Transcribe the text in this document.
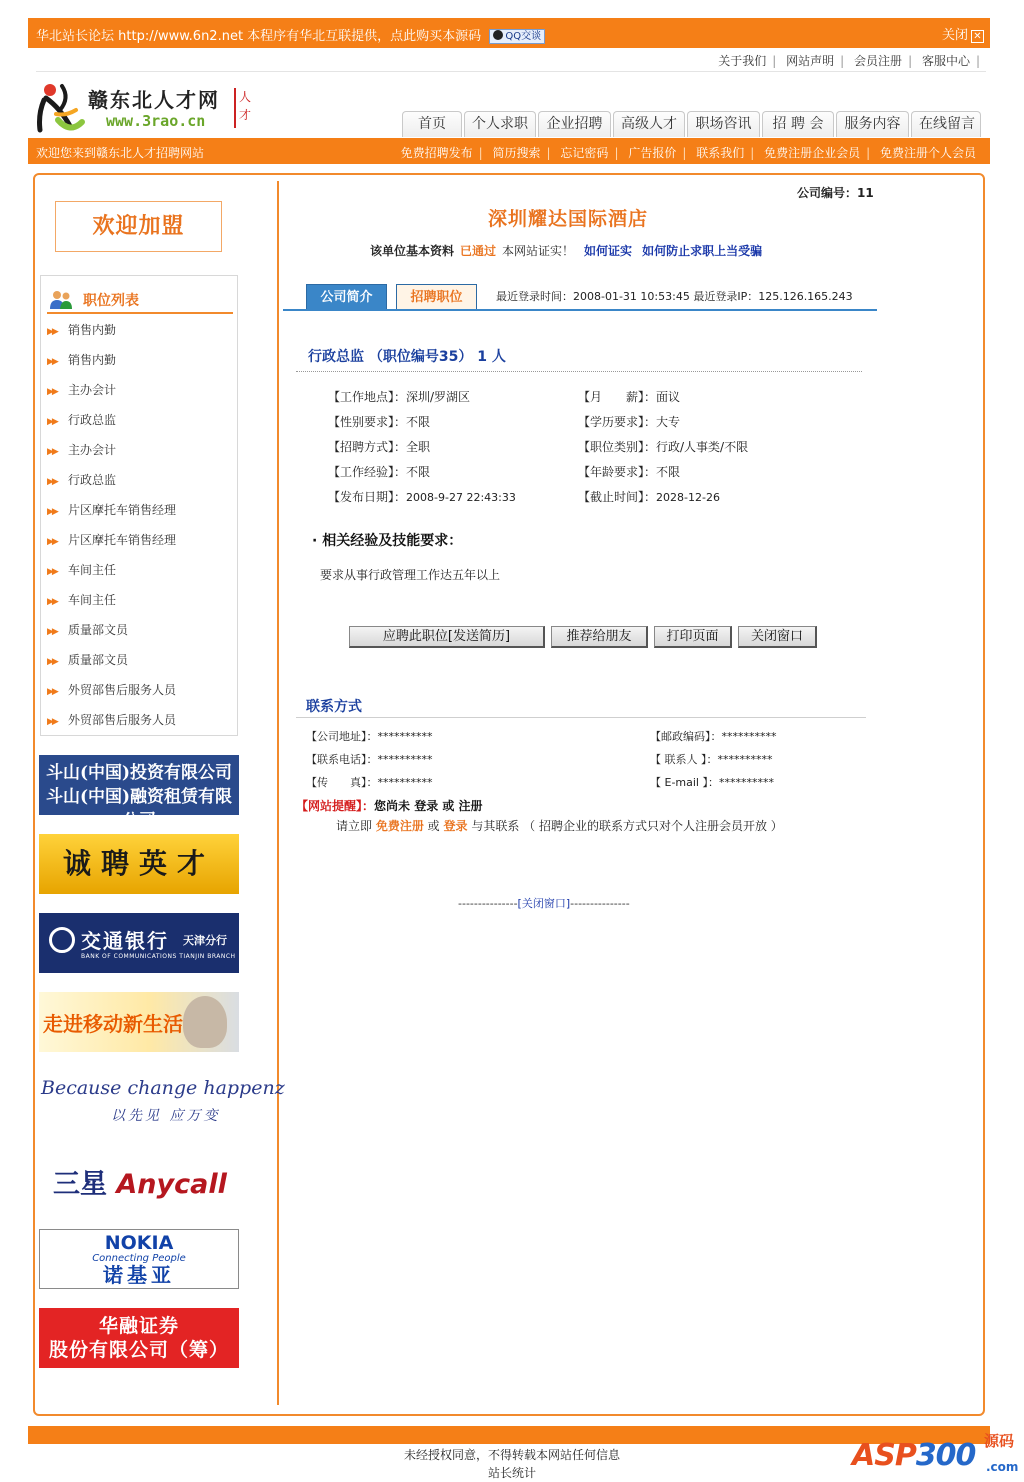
华北站长论坛 http://www.6n2.net 本程序有华北互联提供，点此购买本源码 QQ交谈	关闭 ✕
关于我们 | 网站声明 | 会员注册 | 客服中心 |
赣东北人才网
www.3rao.cn
人才
首页	个人求职	企业招聘	高级人才	职场咨讯	招 聘 会	服务内容	在线留言
欢迎您来到赣东北人才招聘网站	免费招聘发布 | 简历搜索 | 忘记密码 | 广告报价 | 联系我们 | 免费注册企业会员 | 免费注册个人会员
欢迎加盟
职位列表
▶▶ 销售内勤
▶▶ 销售内勤
▶▶ 主办会计
▶▶ 行政总监
▶▶ 主办会计
▶▶ 行政总监
▶▶ 片区摩托车销售经理
▶▶ 片区摩托车销售经理
▶▶ 车间主任
▶▶ 车间主任
▶▶ 质量部文员
▶▶ 质量部文员
▶▶ 外贸部售后服务人员
▶▶ 外贸部售后服务人员
斗山(中国)投资有限公司
斗山(中国)融资租赁有限公司
诚聘英才
交通银行
BANK OF COMMUNICATIONS TIANJIN BRANCH
天津分行
走进移动新生活
Because change happenz
以先见 应万变
三星 Anycall
NOKIA
Connecting People
诺基亚
华融证券
股份有限公司（筹）
公司编号：11
深圳耀达国际酒店
该单位基本资料 已通过 本网站证实！ 如何证实 如何防止求职上当受骗
公司简介	招聘职位	最近登录时间：2008-01-31 10:53:45 最近登录IP：125.126.165.243
行政总监 （职位编号35） 1 人
【工作地点】：深圳/罗湖区	【月　　薪】：面议
【性别要求】：不限	【学历要求】：大专
【招聘方式】：全职	【职位类别】：行政/人事类/不限
【工作经验】：不限	【年龄要求】：不限
【发布日期】：2008-9-27 22:43:33	【截止时间】：2028-12-26
· 相关经验及技能要求：
要求从事行政管理工作达五年以上
应聘此职位[发送简历]	推荐给朋友	打印页面	关闭窗口
联系方式
【公司地址】：**********	【邮政编码】：**********
【联系电话】：**********	【 联系人 】：**********
【传　　真】：**********	【 E-mail 】：**********
【网站提醒】：您尚未 登录 或 注册
请立即 免费注册 或 登录 与其联系 （ 招聘企业的联系方式只对个人注册会员开放 ）
---------------[关闭窗口]---------------
未经授权同意，不得转载本网站任何信息
站长统计	ASP300 源码
.com
